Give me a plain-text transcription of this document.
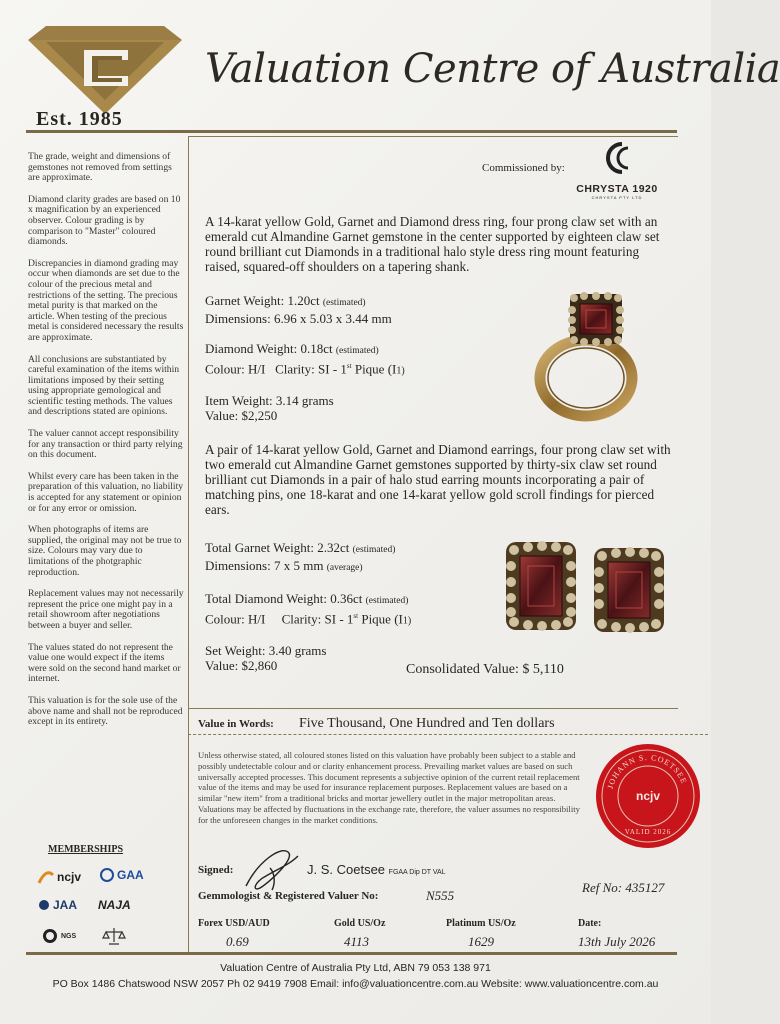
Est. 1985
Valuation Centre of Australia

The grade, weight and dimensions of gemstones not removed from settings are approximate.

Diamond clarity grades are based on 10 x magnification by an experienced observer. Colour grading is by comparison to "Master" coloured diamonds.

Discrepancies in diamond grading may occur when diamonds are set due to the colour of the precious metal and restrictions of the setting. The precious metal purity is that marked on the article. When testing of the precious metal is considered necessary the results are approximate.

All conclusions are substantiated by careful examination of the items within limitations imposed by their setting using appropriate gemological and scientific testing methods. The values and descriptions stated are opinions.

The valuer cannot accept responsibility for any transaction or third party relying on this document.

Whilst every care has been taken in the preparation of this valuation, no liability is accepted for any statement or opinion or for any error or omission.

When photographs of items are supplied, the original may not be true to size. Colours may vary due to limitations of the photgraphic reproduction.

Replacement values may not necessarily represent the price one might pay in a retail showroom after negotiations between a buyer and seller.

The values stated do not represent the value one would expect if the items were sold on the second hand market or internet.

This valuation is for the sole use of the above name and shall not be reproduced except in its entirety.

MEMBERSHIPS
ncjv	GAA
JAA NAJA
NGS
Commissioned by:
CHRYSTA 1920
CHRYSTA PTY LTD
A 14-karat yellow Gold, Garnet and Diamond dress ring, four prong claw set with an emerald cut Almandine Garnet gemstone in the center supported by eighteen claw set round brilliant cut Diamonds in a traditional halo style dress ring mount featuring raised, squared-off shoulders on a tapering shank.
Garnet Weight: 1.20ct (estimated)
Dimensions: 6.96 x 5.03 x 3.44 mm
Diamond Weight: 0.18ct (estimated)
Colour: H/I Clarity: SI - 1st Pique (I1)
Item Weight: 3.14 grams
Value: $2,250
A pair of 14-karat yellow Gold, Garnet and Diamond earrings, four prong claw set with two emerald cut Almandine Garnet gemstones supported by thirty-six claw set round brilliant cut Diamonds in a pair of halo stud earring mounts incorporating a pair of matching pins, one 18-karat and one 14-karat yellow gold scroll findings for pierced ears.
Total Garnet Weight: 2.32ct (estimated)
Dimensions: 7 x 5 mm (average)
Total Diamond Weight: 0.36ct (estimated)
Colour: H/I Clarity: SI - 1st Pique (I1)
Set Weight: 3.40 grams
Value: $2,860	Consolidated Value: $ 5,110
Value in Words: Five Thousand, One Hundred and Ten dollars
Unless otherwise stated, all coloured stones listed on this valuation have probably been subject to a stable and possibly undetectable colour and or clarity enhancement process. Prevailing market values are based on such universally accepted processes. This document represents a subjective opinion of the current retail replacement value of the items and may be used for insurance replacement purposes. Replacement values are based on a similar "new item" from a traditional bricks and mortar jewellery outlet in the major metropolitan areas. Valuations may be affected by fluctuations in the exchange rate, therefore, the valuer assumes no responsibility for the unforeseen changes in the market conditions.
JOHANN S. COETSEE
ncjv
VALID 2026
Signed:	J. S. Coetsee FGAA Dip DT VAL
Gemmologist & Registered Valuer No:	N555
Ref No: 435127
Forex USD/AUD
0.69
Gold US/Oz
4113
Platinum US/Oz
1629
Date:
13th July 2026
Valuation Centre of Australia Pty Ltd, ABN 79 053 138 971
PO Box 1486 Chatswood NSW 2057 Ph 02 9419 7908 Email: info@valuationcentre.com.au Website: www.valuationcentre.com.au
